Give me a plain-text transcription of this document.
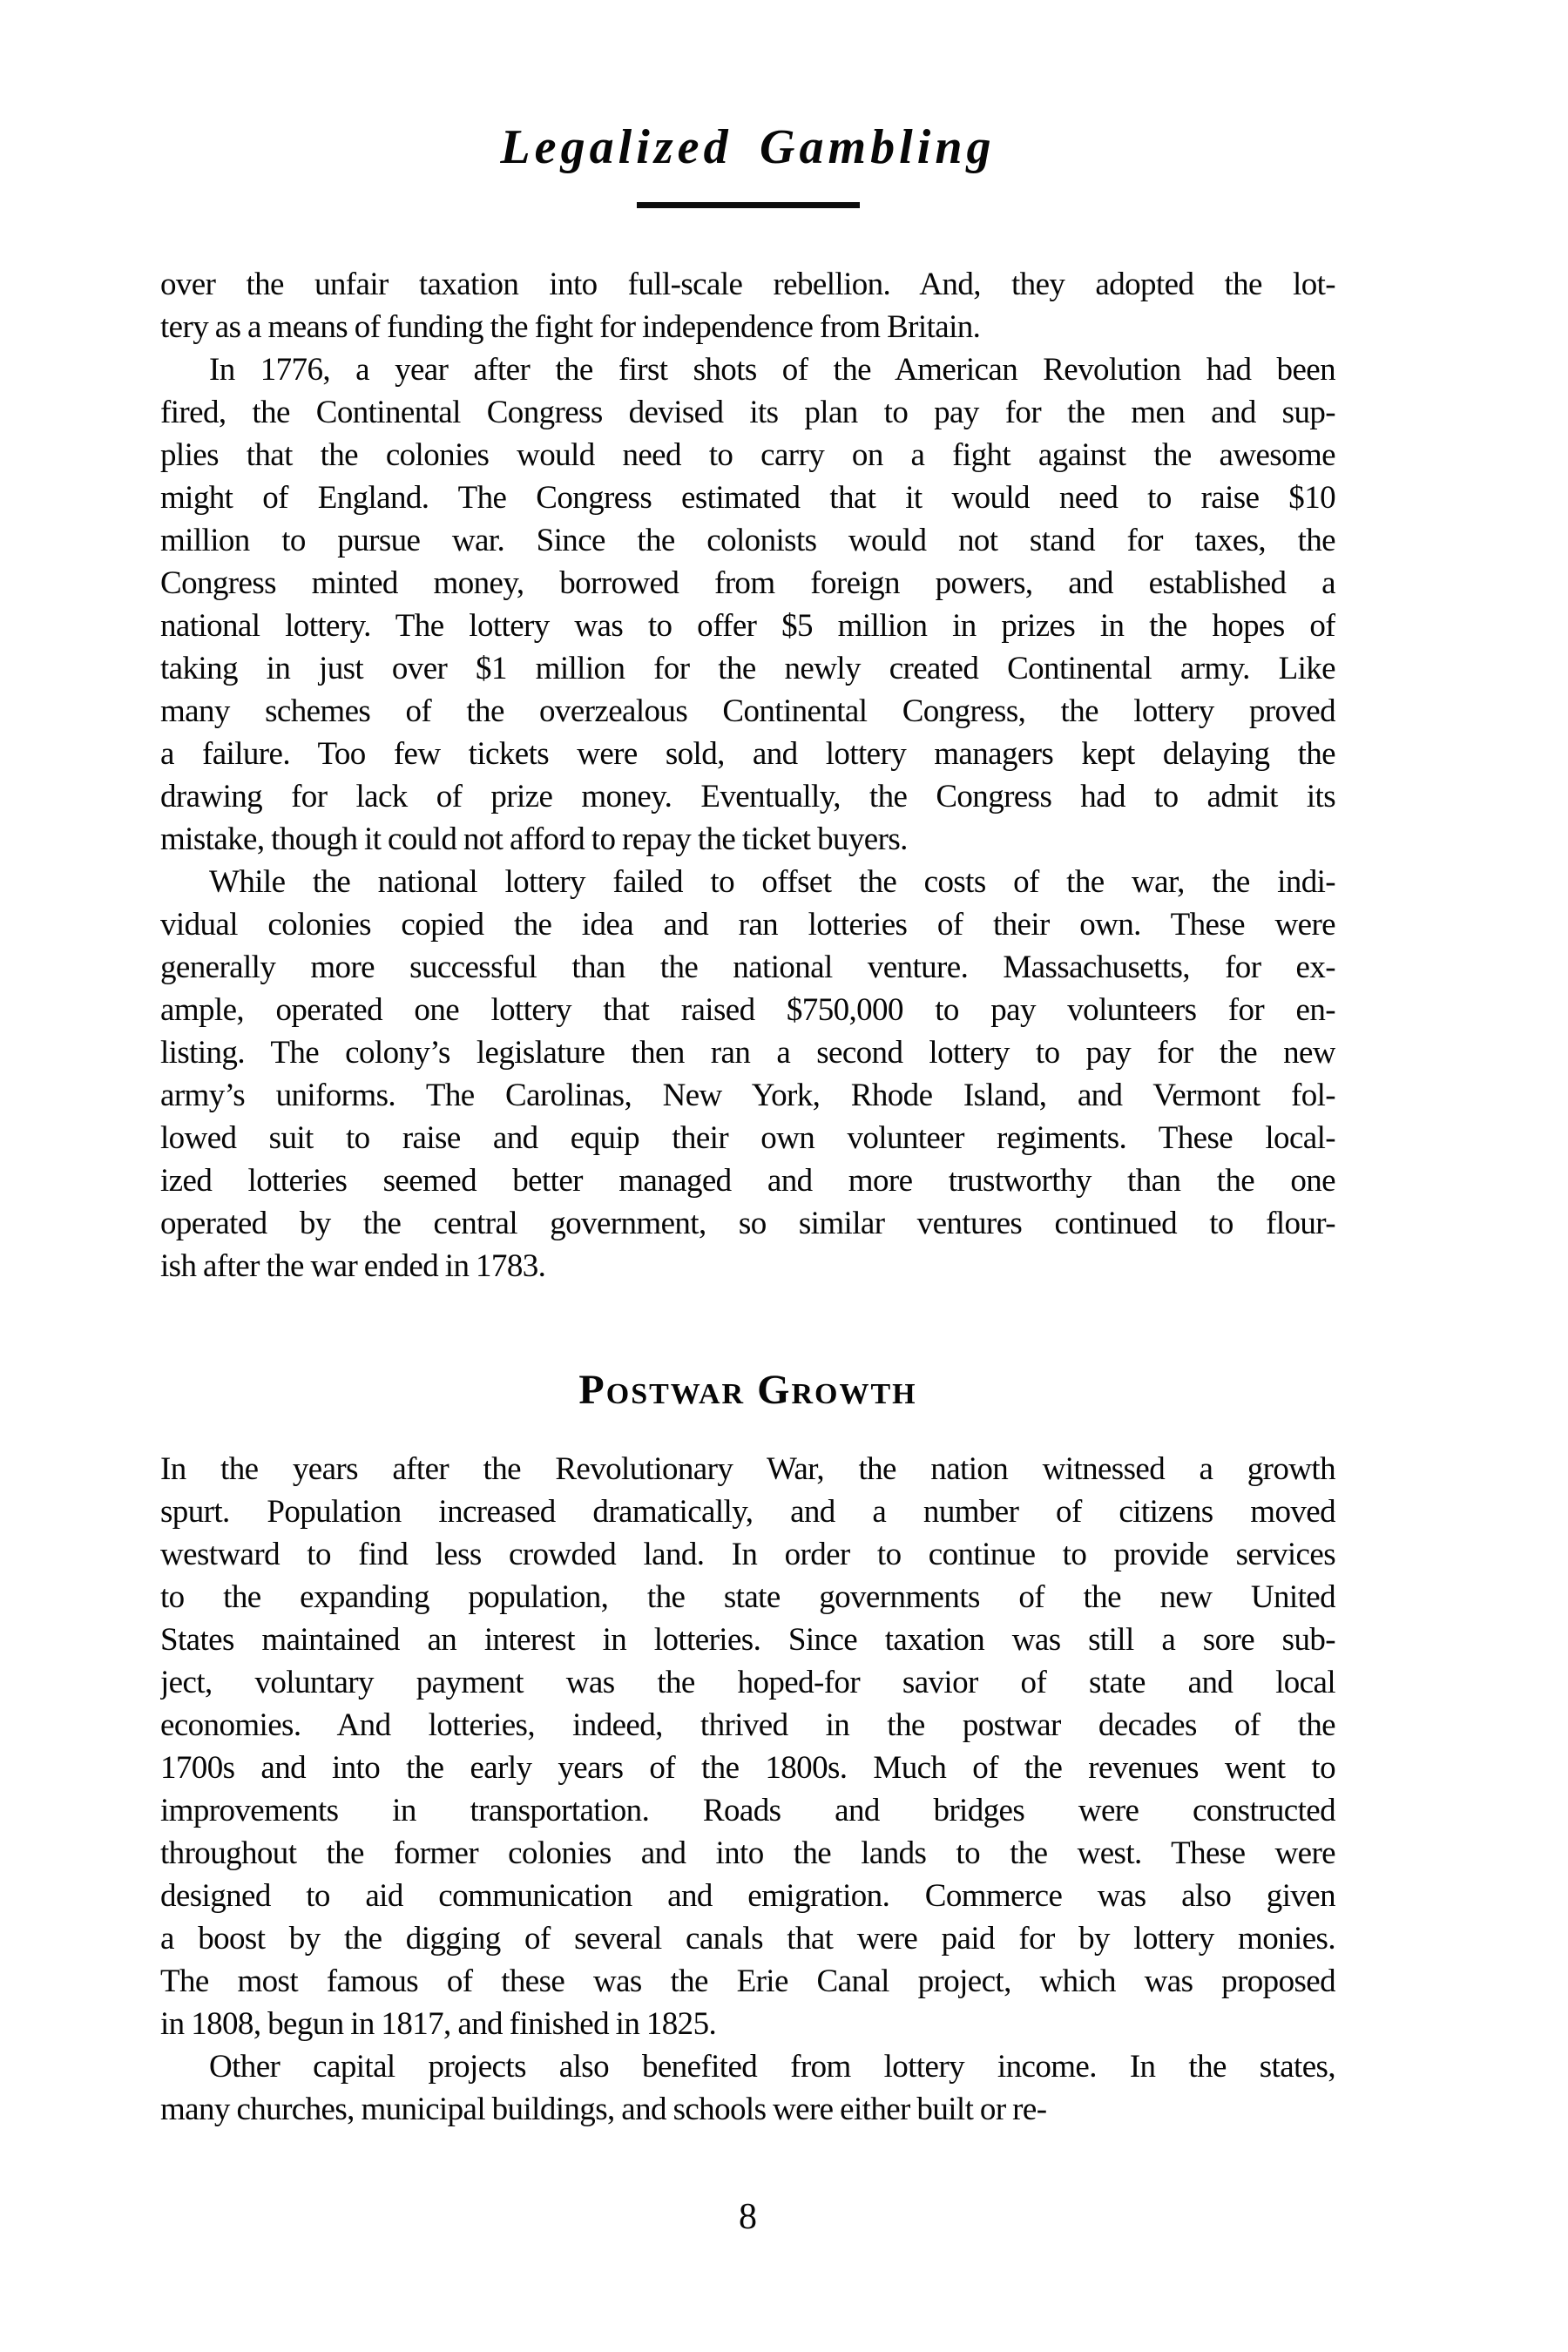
Legalized Gambling
over the unfair taxation into full-scale rebellion. And, they adopted the lot-
tery as a means of funding the fight for independence from Britain.
In 1776, a year after the first shots of the American Revolution had been
fired, the Continental Congress devised its plan to pay for the men and sup-
plies that the colonies would need to carry on a fight against the awesome
might of England. The Congress estimated that it would need to raise $10
million to pursue war. Since the colonists would not stand for taxes, the
Congress minted money, borrowed from foreign powers, and established a
national lottery. The lottery was to offer $5 million in prizes in the hopes of
taking in just over $1 million for the newly created Continental army. Like
many schemes of the overzealous Continental Congress, the lottery proved
a failure. Too few tickets were sold, and lottery managers kept delaying the
drawing for lack of prize money. Eventually, the Congress had to admit its
mistake, though it could not afford to repay the ticket buyers.
While the national lottery failed to offset the costs of the war, the indi-
vidual colonies copied the idea and ran lotteries of their own. These were
generally more successful than the national venture. Massachusetts, for ex-
ample, operated one lottery that raised $750,000 to pay volunteers for en-
listing. The colony’s legislature then ran a second lottery to pay for the new
army’s uniforms. The Carolinas, New York, Rhode Island, and Vermont fol-
lowed suit to raise and equip their own volunteer regiments. These local-
ized lotteries seemed better managed and more trustworthy than the one
operated by the central government, so similar ventures continued to flour-
ish after the war ended in 1783.
Postwar Growth
In the years after the Revolutionary War, the nation witnessed a growth
spurt. Population increased dramatically, and a number of citizens moved
westward to find less crowded land. In order to continue to provide services
to the expanding population, the state governments of the new United
States maintained an interest in lotteries. Since taxation was still a sore sub-
ject, voluntary payment was the hoped-for savior of state and local
economies. And lotteries, indeed, thrived in the postwar decades of the
1700s and into the early years of the 1800s. Much of the revenues went to
improvements in transportation. Roads and bridges were constructed
throughout the former colonies and into the lands to the west. These were
designed to aid communication and emigration. Commerce was also given
a boost by the digging of several canals that were paid for by lottery monies.
The most famous of these was the Erie Canal project, which was proposed
in 1808, begun in 1817, and finished in 1825.
Other capital projects also benefited from lottery income. In the states,
many churches, municipal buildings, and schools were either built or re-
8
